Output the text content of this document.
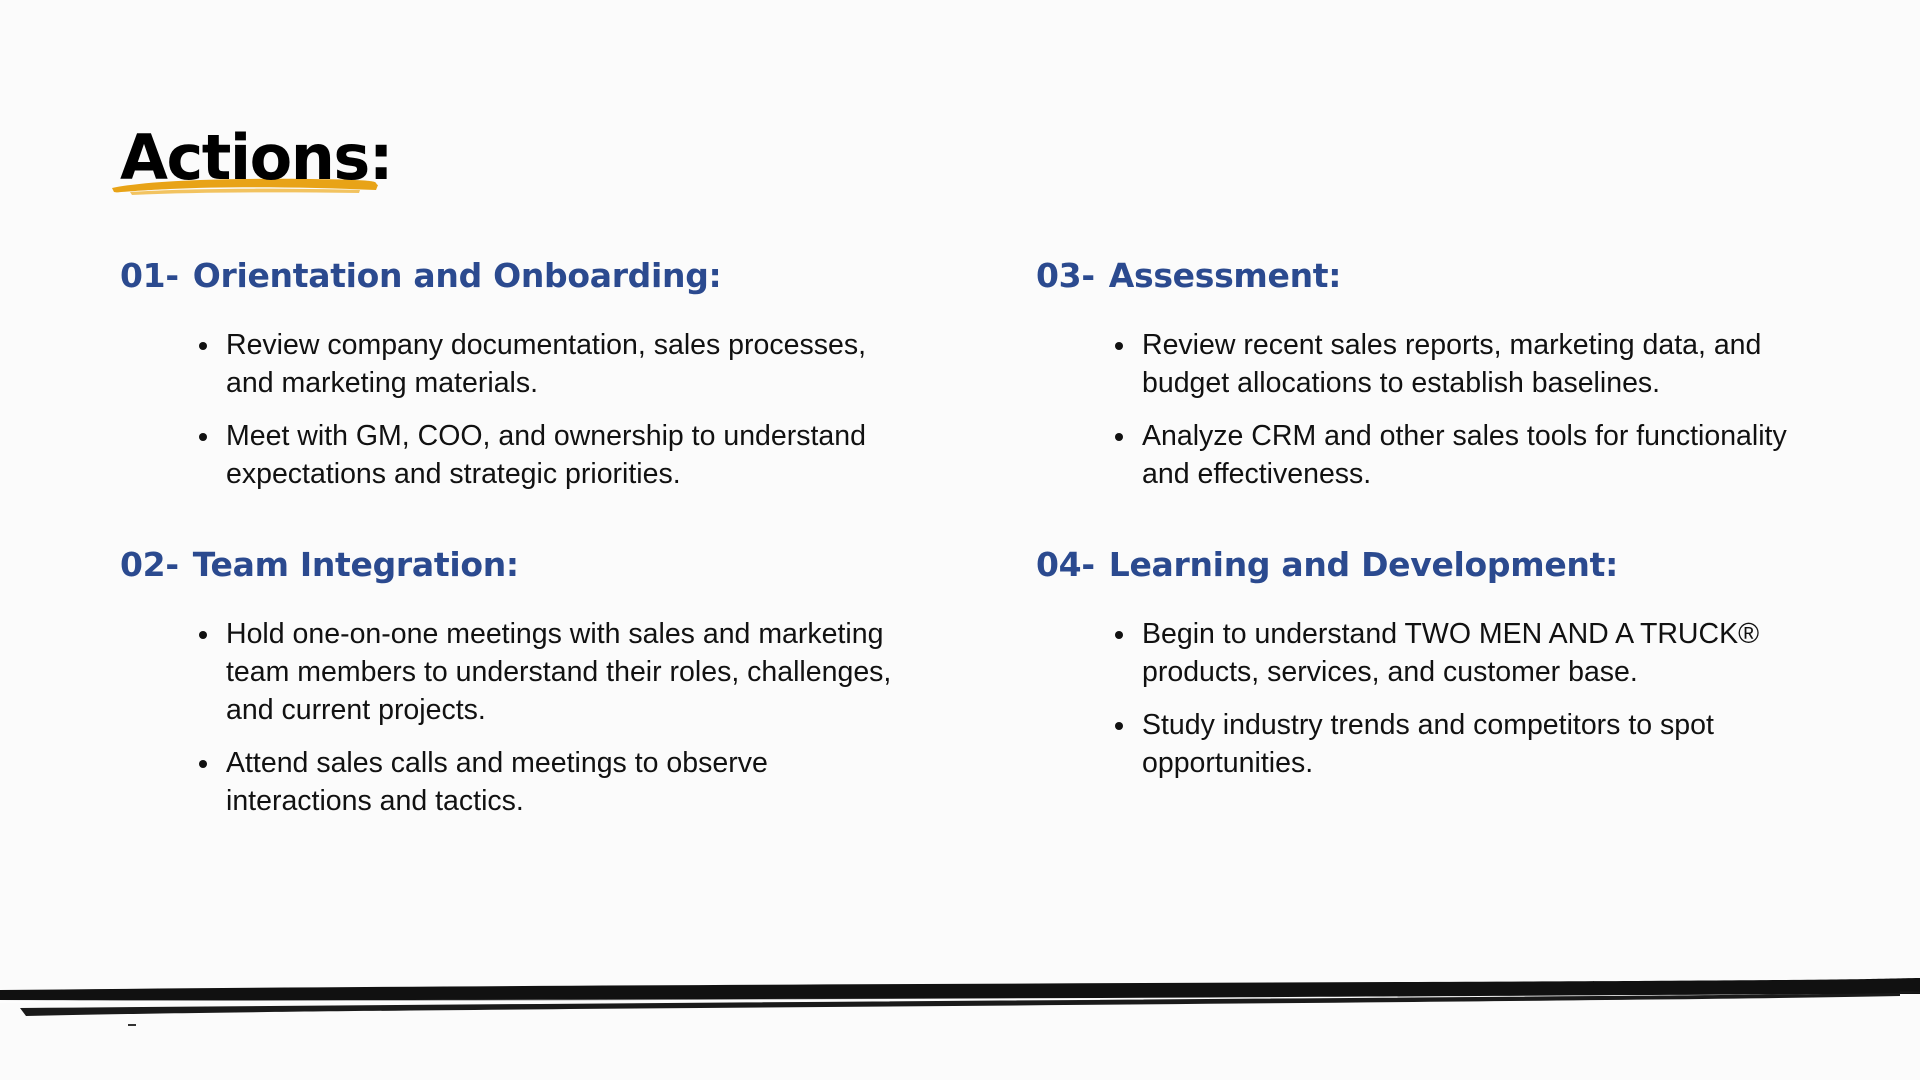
Actions:
01- Orientation and Onboarding:
Review company documentation, sales processes, and marketing materials.
Meet with GM, COO, and ownership to understand expectations and strategic priorities.
02- Team Integration:
Hold one-on-one meetings with sales and marketing team members to understand their roles, challenges, and current projects.
Attend sales calls and meetings to observe interactions and tactics.
03- Assessment:
Review recent sales reports, marketing data, and budget allocations to establish baselines.
Analyze CRM and other sales tools for functionality and effectiveness.
04- Learning and Development:
Begin to understand TWO MEN AND A TRUCK® products, services, and customer base.
Study industry trends and competitors to spot opportunities.
